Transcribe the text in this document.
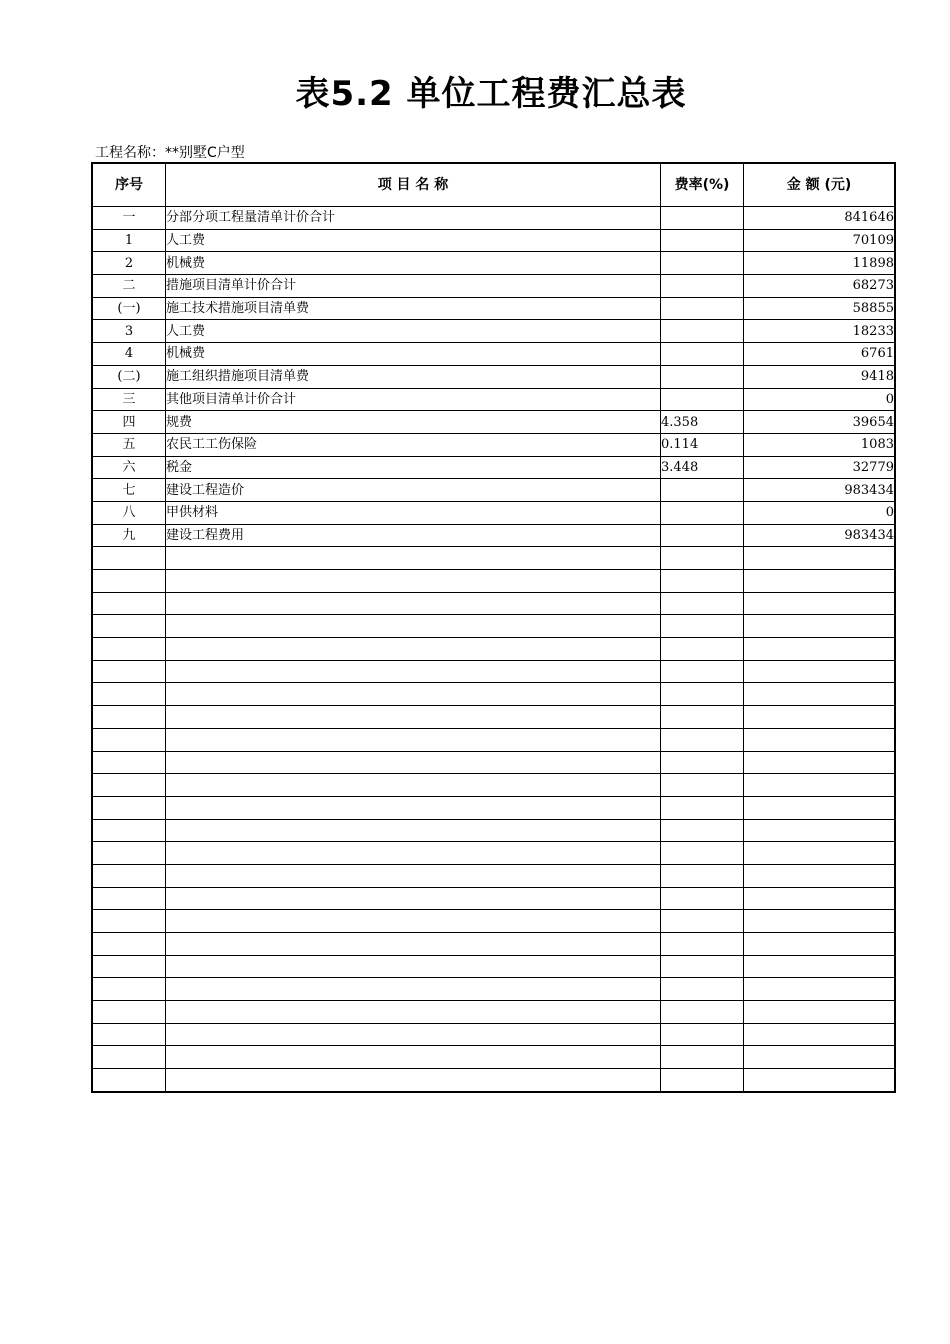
表5.2 单位工程费汇总表
工程名称：**别墅C户型
序号	项 目 名 称	费率(%)	金 额 (元)
一	分部分项工程量清单计价合计		841646
1	人工费		70109
2	机械费		11898
二	措施项目清单计价合计		68273
(一)	施工技术措施项目清单费		58855
3	人工费		18233
4	机械费		6761
(二)	施工组织措施项目清单费		9418
三	其他项目清单计价合计		0
四	规费	4.358	39654
五	农民工工伤保险	0.114	1083
六	税金	3.448	32779
七	建设工程造价		983434
八	甲供材料		0
九	建设工程费用		983434
